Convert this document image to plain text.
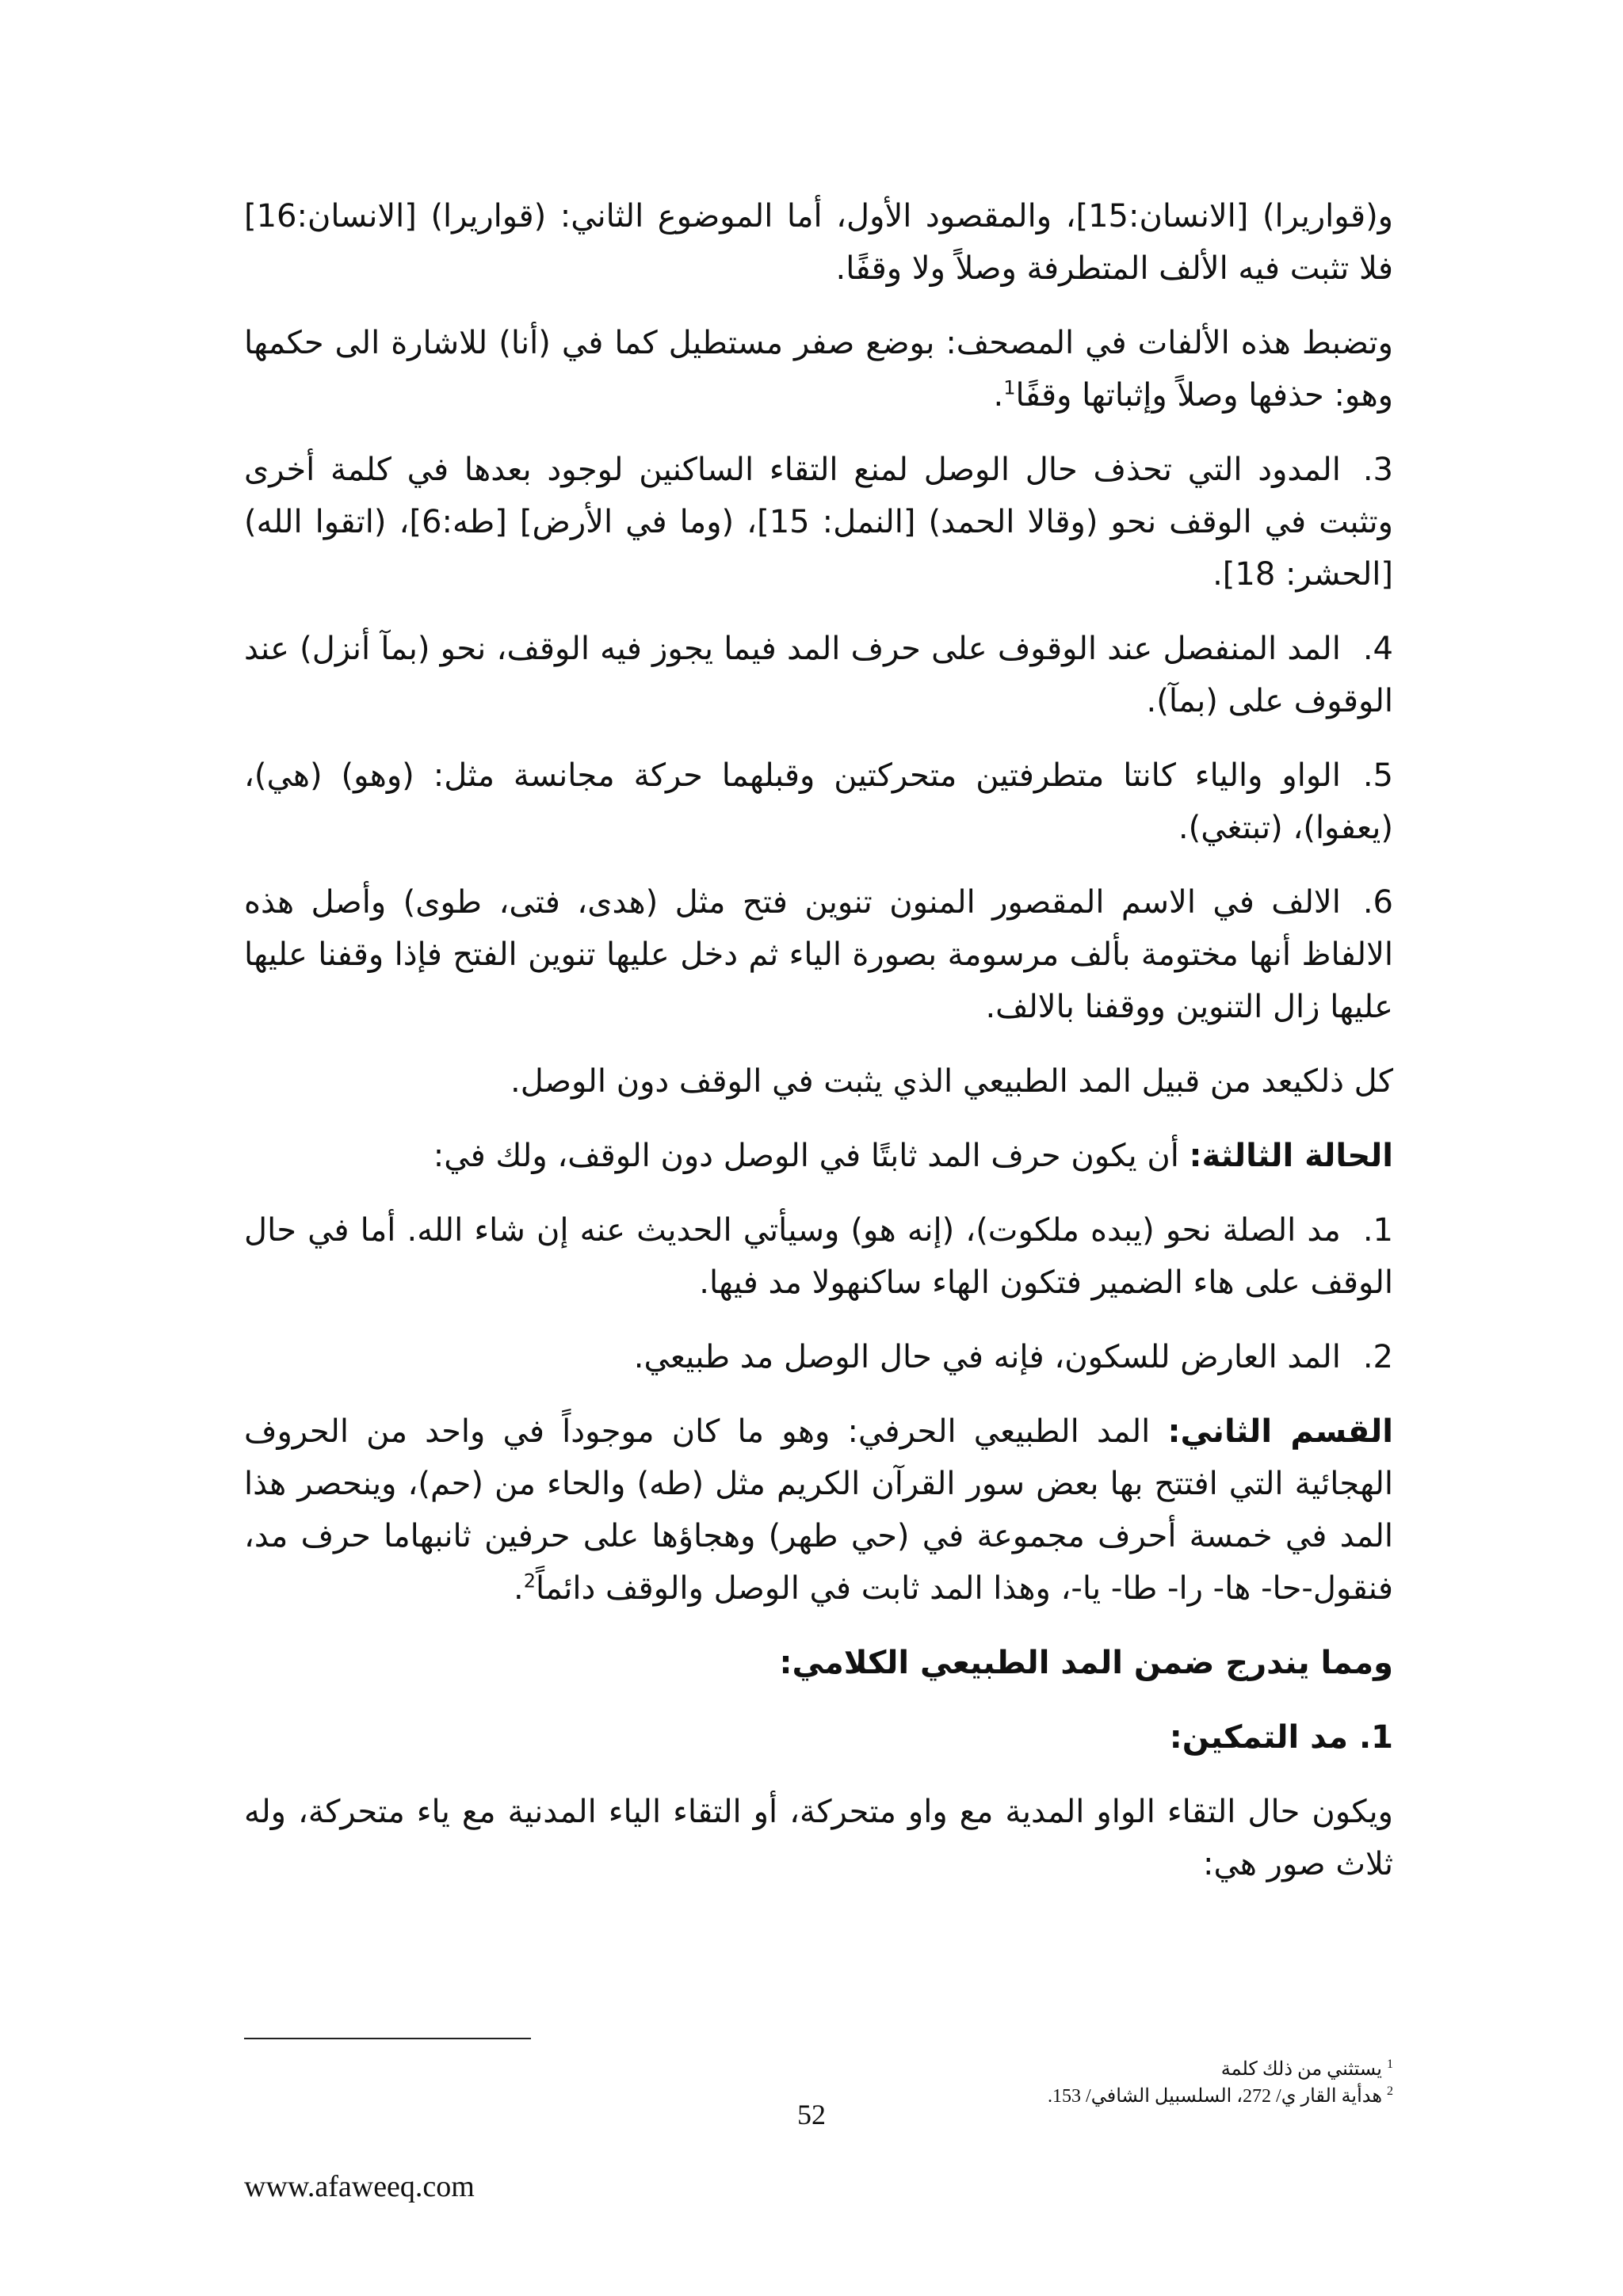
و(قواريرا) [الانسان:15]، والمقصود الأول، أما الموضوع الثاني: (قواريرا) [الانسان:16] فلا تثبت فيه الألف المتطرفة وصلاً ولا وقفًا.

وتضبط هذه الألفات في المصحف: بوضع صفر مستطيل كما في (أنا) للاشارة الى حكمها وهو: حذفها وصلاً وإثباتها وقفًا$^1$.

3.المدود التي تحذف حال الوصل لمنع التقاء الساكنين لوجود بعدها في كلمة أخرى وتثبت في الوقف نحو (وقالا الحمد) [النمل: 15]، (وما في الأرض] [طه:6]، (اتقوا الله) [الحشر: 18].

4.المد المنفصل عند الوقوف على حرف المد فيما يجوز فيه الوقف، نحو (بمآ أنزل) عند الوقوف على (بمآ).

5.الواو والياء كانتا متطرفتين متحركتين وقبلهما حركة مجانسة مثل: (وهو) (هي)، (يعفوا)، (تبتغي).

6.الالف في الاسم المقصور المنون تنوين فتح مثل (هدى، فتى، طوى) وأصل هذه الالفاظ أنها مختومة بألف مرسومة بصورة الياء ثم دخل عليها تنوين الفتح فإذا وقفنا عليها عليها زال التنوين ووقفنا بالالف.

كل ذلكيعد من قبيل المد الطبيعي الذي يثبت في الوقف دون الوصل.

الحالة الثالثة: أن يكون حرف المد ثابتًا في الوصل دون الوقف، ولك في:

1.مد الصلة نحو (يبده ملكوت)، (إنه هو) وسيأتي الحديث عنه إن شاء الله. أما في حال الوقف على هاء الضمير فتكون الهاء ساكنهولا مد فيها.

2.المد العارض للسكون، فإنه في حال الوصل مد طبيعي.

القسم الثاني: المد الطبيعي الحرفي: وهو ما كان موجوداً في واحد من الحروف الهجائية التي افتتح بها بعض سور القرآن الكريم مثل (طه) والحاء من (حم)، وينحصر هذا المد في خمسة أحرف مجموعة في (حي طهر) وهجاؤها على حرفين ثانبهاما حرف مد، فنقول-حا- ها- را- طا- يا-، وهذا المد ثابت في الوصل والوقف دائماً$^2$.

ومما يندرج ضمن المد الطبيعي الكلامي:

1. مد التمكين:

ويكون حال التقاء الواو المدية مع واو متحركة، أو التقاء الياء المدنية مع ياء متحركة، وله ثلاث صور هي:

$^1$ يستثني من ذلك كلمة
$^2$ هدأية القار ي/ 272، السلسبيل الشافي/ 153.
52
www.afaweeq.com
